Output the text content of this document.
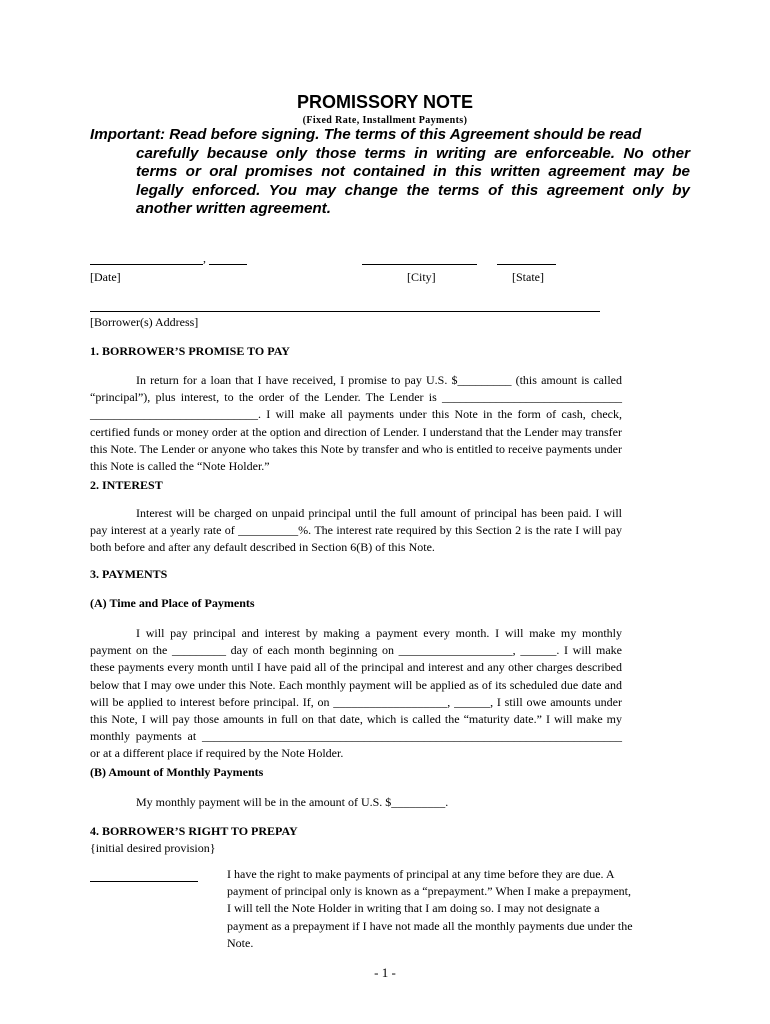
PROMISSORY NOTE
(Fixed Rate, Installment Payments)
Important: Read before signing. The terms of this Agreement should be read
carefully because only those terms in writing are enforceable. No other terms or oral promises not contained in this written agreement may be legally enforced. You may change the terms of this agreement only by another written agreement.
,
[Date]	[City]	[State]
[Borrower(s) Address]
1. BORROWER’S PROMISE TO PAY
In return for a loan that I have received, I promise to pay U.S. $_________ (this amount is called “principal”), plus interest, to the order of the Lender. The Lender is ______________________________ ____________________________. I will make all payments under this Note in the form of cash, check, certified funds or money order at the option and direction of Lender. I understand that the Lender may transfer this Note. The Lender or anyone who takes this Note by transfer and who is entitled to receive payments under this Note is called the “Note Holder.”
2. INTEREST
Interest will be charged on unpaid principal until the full amount of principal has been paid. I will pay interest at a yearly rate of __________%. The interest rate required by this Section 2 is the rate I will pay both before and after any default described in Section 6(B) of this Note.
3. PAYMENTS
(A) Time and Place of Payments
I will pay principal and interest by making a payment every month. I will make my monthly payment on the _________ day of each month beginning on ___________________, ______. I will make these payments every month until I have paid all of the principal and interest and any other charges described below that I may owe under this Note. Each monthly payment will be applied as of its scheduled due date and will be applied to interest before principal. If, on ___________________, ______, I still owe amounts under this Note, I will pay those amounts in full on that date, which is called the “maturity date.” I will make my monthly payments at ______________________________________________________________________ or at a different place if required by the Note Holder.
(B) Amount of Monthly Payments
My monthly payment will be in the amount of U.S. $_________.
4. BORROWER’S RIGHT TO PREPAY
{initial desired provision}
I have the right to make payments of principal at any time before they are due. A payment of principal only is known as a “prepayment.” When I make a prepayment, I will tell the Note Holder in writing that I am doing so. I may not designate a payment as a prepayment if I have not made all the monthly payments due under the Note.
- 1 -
